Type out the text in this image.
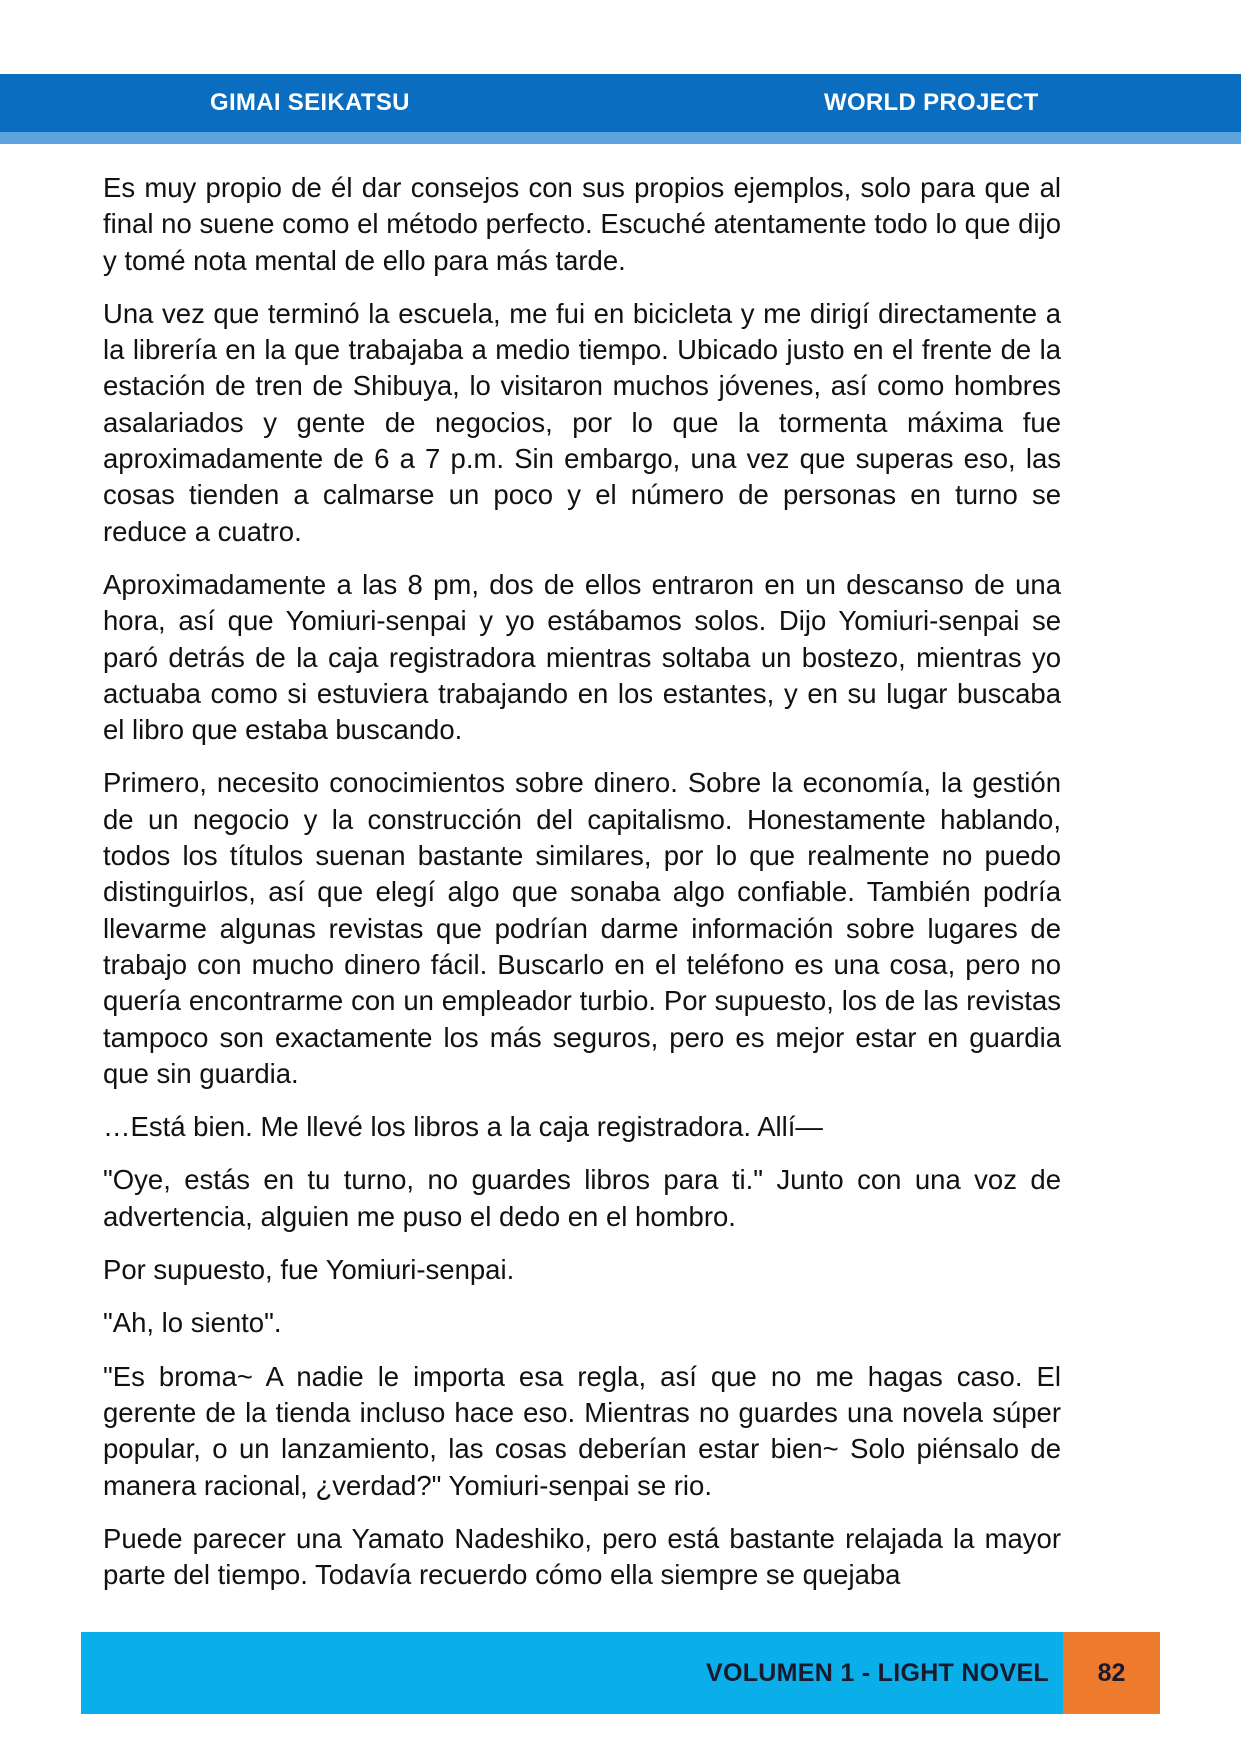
GIMAI SEIKATSU	WORLD PROJECT

Es muy propio de él dar consejos con sus propios ejemplos, solo para que al final no suene como el método perfecto. Escuché atentamente todo lo que dijo y tomé nota mental de ello para más tarde.

Una vez que terminó la escuela, me fui en bicicleta y me dirigí directamente a la librería en la que trabajaba a medio tiempo. Ubicado justo en el frente de la estación de tren de Shibuya, lo visitaron muchos jóvenes, así como hombres asalariados y gente de negocios, por lo que la tormenta máxima fue aproximadamente de 6 a 7 p.m. Sin embargo, una vez que superas eso, las cosas tienden a calmarse un poco y el número de personas en turno se reduce a cuatro.

Aproximadamente a las 8 pm, dos de ellos entraron en un descanso de una hora, así que Yomiuri-senpai y yo estábamos solos. Dijo Yomiuri-senpai se paró detrás de la caja registradora mientras soltaba un bostezo, mientras yo actuaba como si estuviera trabajando en los estantes, y en su lugar buscaba el libro que estaba buscando.

Primero, necesito conocimientos sobre dinero. Sobre la economía, la gestión de un negocio y la construcción del capitalismo. Honestamente hablando, todos los títulos suenan bastante similares, por lo que realmente no puedo distinguirlos, así que elegí algo que sonaba algo confiable. También podría llevarme algunas revistas que podrían darme información sobre lugares de trabajo con mucho dinero fácil. Buscarlo en el teléfono es una cosa, pero no quería encontrarme con un empleador turbio. Por supuesto, los de las revistas tampoco son exactamente los más seguros, pero es mejor estar en guardia que sin guardia.

…Está bien. Me llevé los libros a la caja registradora. Allí—

"Oye, estás en tu turno, no guardes libros para ti." Junto con una voz de advertencia, alguien me puso el dedo en el hombro.

Por supuesto, fue Yomiuri-senpai.

"Ah, lo siento".

"Es broma~ A nadie le importa esa regla, así que no me hagas caso. El gerente de la tienda incluso hace eso. Mientras no guardes una novela súper popular, o un lanzamiento, las cosas deberían estar bien~ Solo piénsalo de manera racional, ¿verdad?" Yomiuri-senpai se rio.

Puede parecer una Yamato Nadeshiko, pero está bastante relajada la mayor parte del tiempo. Todavía recuerdo cómo ella siempre se quejaba

VOLUMEN 1 - LIGHT NOVEL	82
